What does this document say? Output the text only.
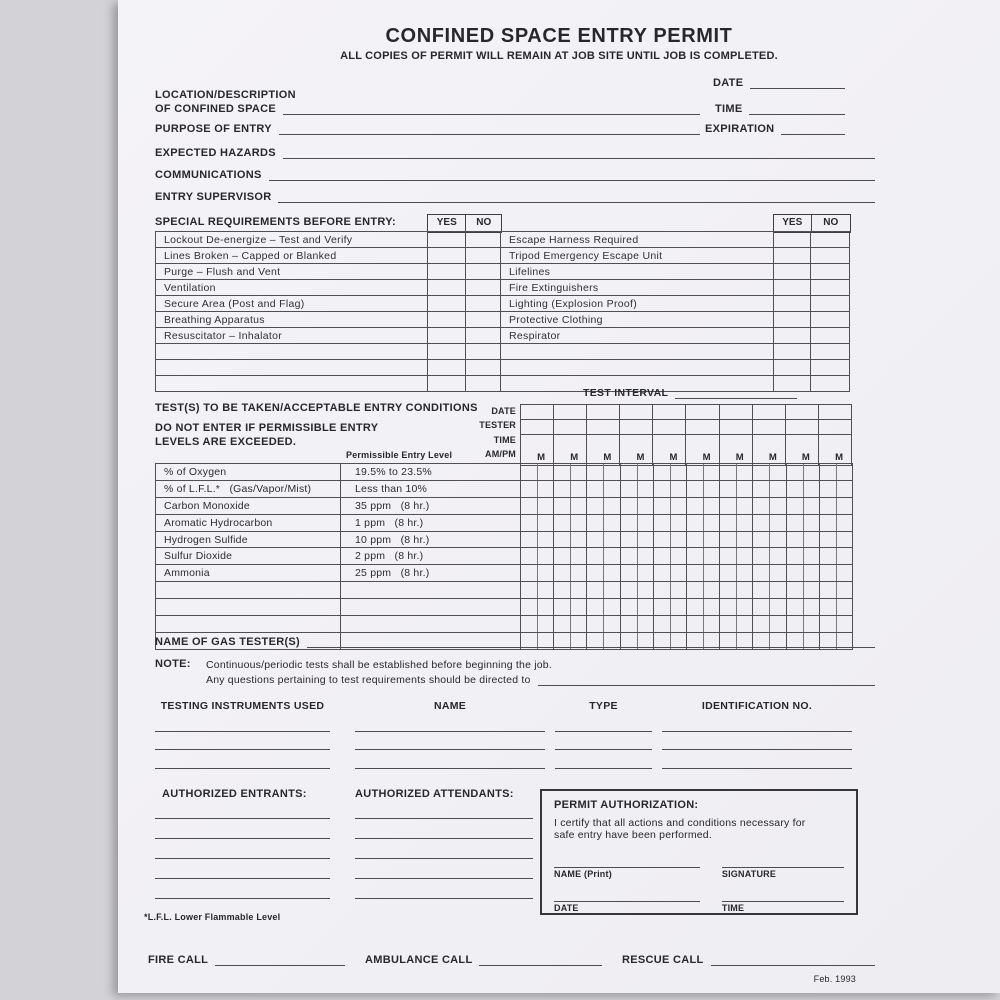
CONFINED SPACE ENTRY PERMIT
ALL COPIES OF PERMIT WILL REMAIN AT JOB SITE UNTIL JOB IS COMPLETED.
DATE
LOCATION/DESCRIPTION
OF CONFINED SPACE	TIME
PURPOSE OF ENTRY	EXPIRATION
EXPECTED HAZARDS
COMMUNICATIONS
ENTRY SUPERVISOR
SPECIAL REQUIREMENTS BEFORE ENTRY:	YES	NO	YES	NO
Lockout De-energize – Test and Verify			Escape Harness Required		
Lines Broken – Capped or Blanked			Tripod Emergency Escape Unit		
Purge – Flush and Vent			Lifelines		
Ventilation			Fire Extinguishers		
Secure Area (Post and Flag)			Lighting (Explosion Proof)		
Breathing Apparatus			Protective Clothing		
Resuscitator – Inhalator			Respirator		

TEST INTERVAL
TEST(S) TO BE TAKEN/ACCEPTABLE ENTRY CONDITIONS
DO NOT ENTER IF PERMISSIBLE ENTRY
LEVELS ARE EXCEEDED.
DATE
TESTER
TIME
AM/PM

									M	M	M	M	M	M	M	M	M	M
Permissible Entry Level
% of Oxygen	19.5% to 23.5%										
% of L.F.L.*   (Gas/Vapor/Mist)	Less than 10%										
Carbon Monoxide	35 ppm   (8 hr.)										
Aromatic Hydrocarbon	1 ppm   (8 hr.)										
Hydrogen Sulfide	10 ppm   (8 hr.)										
Sulfur Dioxide	2 ppm   (8 hr.)										
Ammonia	25 ppm   (8 hr.)										

NAME OF GAS TESTER(S)
NOTE: Continuous/periodic tests shall be established before beginning the job.
Any questions pertaining to test requirements should be directed to
TESTING INSTRUMENTS USED	NAME	TYPE	IDENTIFICATION NO.
AUTHORIZED ENTRANTS:	AUTHORIZED ATTENDANTS:
PERMIT AUTHORIZATION:
I certify that all actions and conditions necessary for
safe entry have been performed.
NAME (Print)	SIGNATURE
DATE	TIME
*L.F.L. Lower Flammable Level
FIRE CALL	AMBULANCE CALL	RESCUE CALL
Feb. 1993
